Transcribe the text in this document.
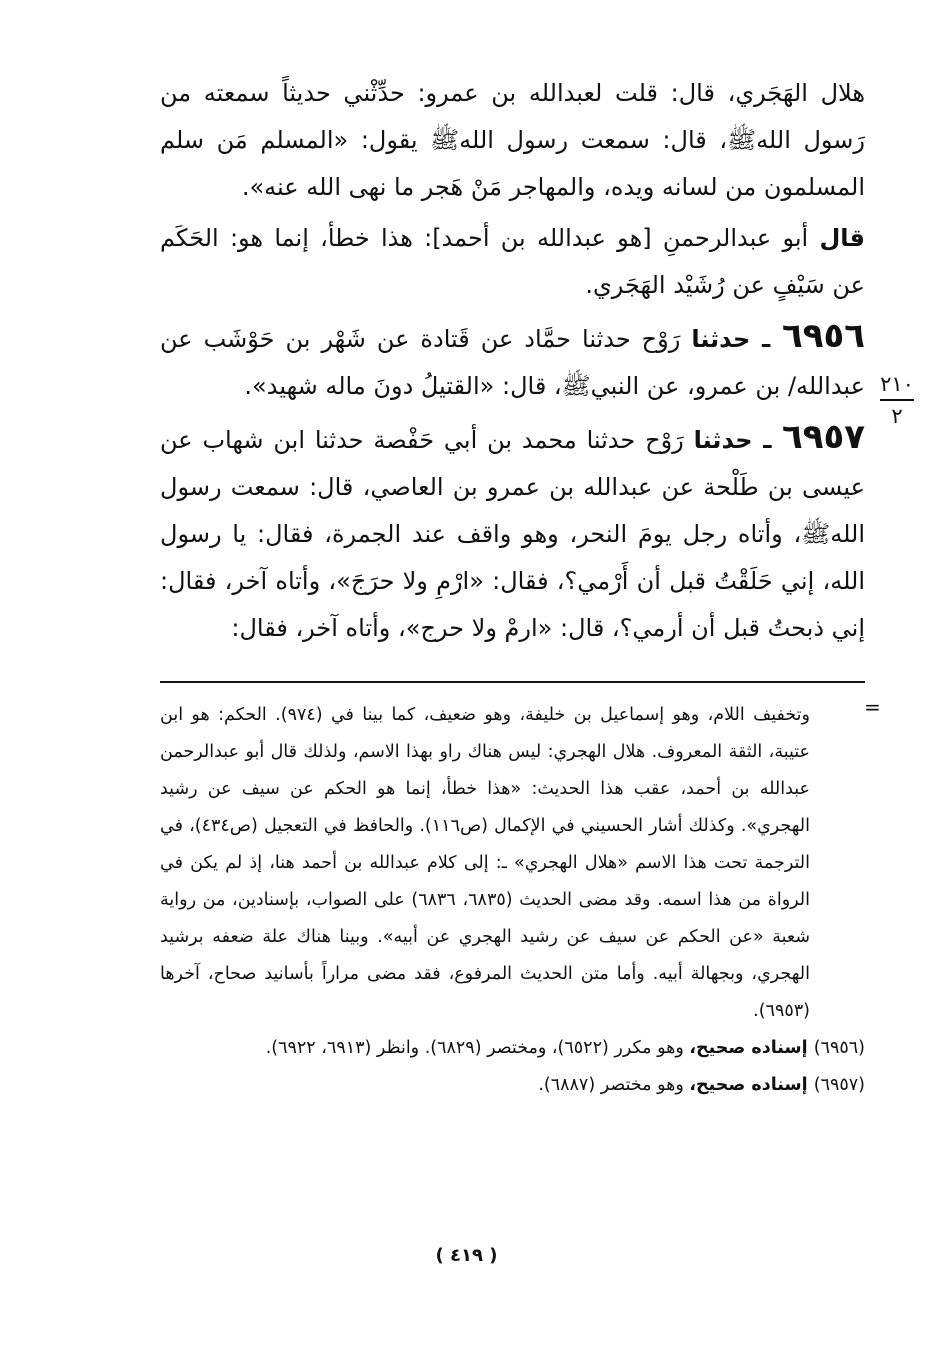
٢١٠
٢

هلال الهَجَري، قال: قلت لعبدالله بن عمرو: حدِّثْني حديثاً سمعته من رَسول اللهﷺ، قال: سمعت رسول اللهﷺ يقول: «المسلم مَن سلم المسلمون من لسانه ويده، والمهاجر مَنْ هَجر ما نهى الله عنه».

قال أبو عبدالرحمنِ [هو عبدالله بن أحمد]: هذا خطأ، إنما هو: الحَكَم عن سَيْفٍ عن رُشَيْد الهَجَري.

٦٩٥٦ ـ حدثنا رَوْح حدثنا حمَّاد عن قَتادة عن شَهْر بن حَوْشَب عن عبدالله/ بن عمرو، عن النبيﷺ، قال: «القتيلُ دونَ ماله شهيد».

٦٩٥٧ ـ حدثنا رَوْح حدثنا محمد بن أبي حَفْصة حدثنا ابن شهاب عن عيسى بن طَلْحة عن عبدالله بن عمرو بن العاصي، قال: سمعت رسول اللهﷺ، وأتاه رجل يومَ النحر، وهو واقف عند الجمرة، فقال: يا رسول الله، إني حَلَقْتُ قبل أن أَرْمي؟، فقال: «ارْمِ ولا حرَجَ»، وأتاه آخر، فقال: إني ذبحتُ قبل أن أرمي؟، قال: «ارمْ ولا حرج»، وأتاه آخر، فقال:

=

وتخفيف اللام، وهو إسماعيل بن خليفة، وهو ضعيف، كما بينا في (٩٧٤). الحكم: هو ابن عتيبة، الثقة المعروف. هلال الهجري: ليس هناك راو بهذا الاسم، ولذلك قال أبو عبدالرحمن عبدالله بن أحمد، عقب هذا الحديث: «هذا خطأ، إنما هو الحكم عن سيف عن رشيد الهجري». وكذلك أشار الحسيني في الإكمال (ص١١٦). والحافظ في التعجيل (ص٤٣٤)، في الترجمة تحت هذا الاسم «هلال الهجري» ـ: إلى كلام عبدالله بن أحمد هنا، إذ لم يكن في الرواة من هذا اسمه. وقد مضى الحديث (٦٨٣٥، ٦٨٣٦) على الصواب، بإسنادين، من رواية شعبة «عن الحكم عن سيف عن رشيد الهجري عن أبيه». وبينا هناك علة ضعفه برشيد الهجري، وبجهالة أبيه. وأما متن الحديث المرفوع، فقد مضى مراراً بأسانيد صحاح، آخرها (٦٩٥٣).

(٦٩٥٦) إسناده صحيح، وهو مكرر (٦٥٢٢)، ومختصر (٦٨٢٩). وانظر (٦٩١٣، ٦٩٢٢).

(٦٩٥٧) إسناده صحيح، وهو مختصر (٦٨٨٧).

( ٤١٩ )
